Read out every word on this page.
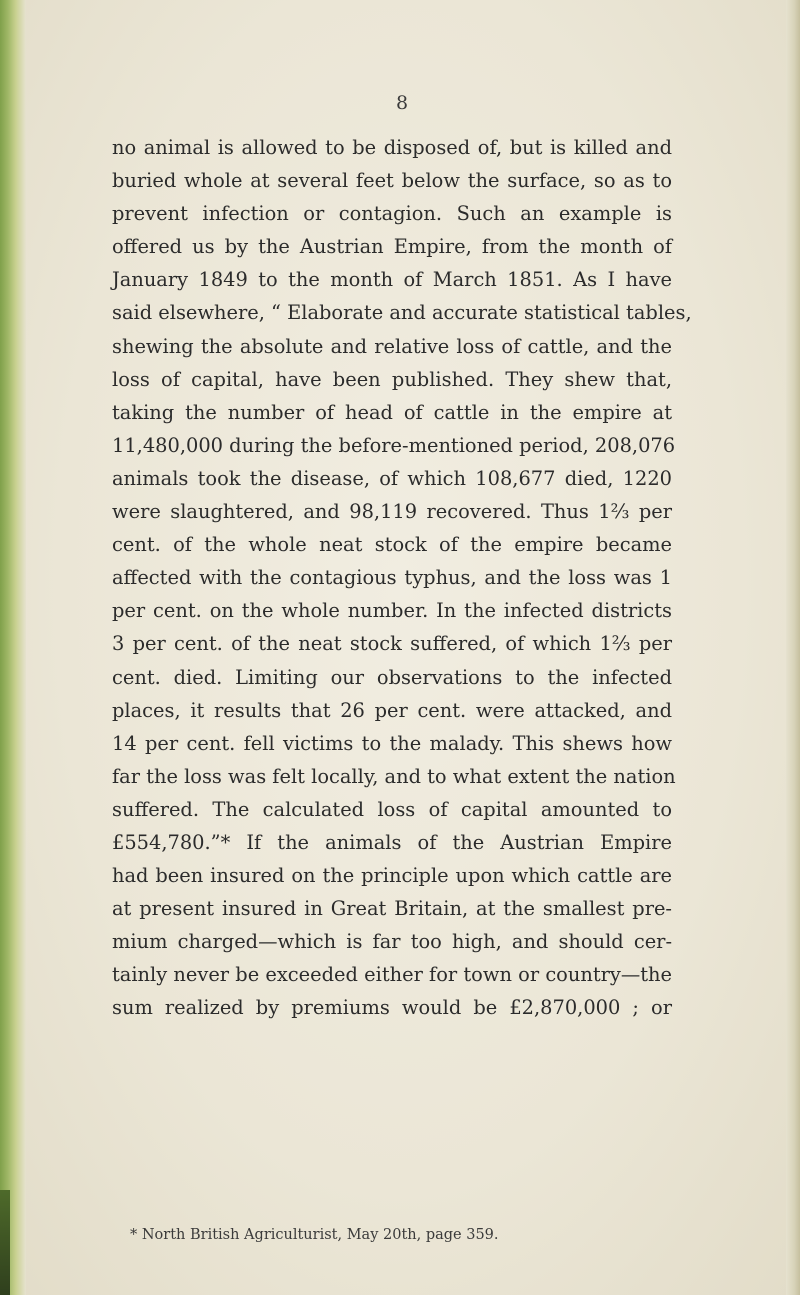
8
no animal is allowed to be disposed of, but is killed and
buried whole at several feet below the surface, so as to
prevent infection or contagion. Such an example is
offered us by the Austrian Empire, from the month of
January 1849 to the month of March 1851. As I have
said elsewhere, “ Elaborate and accurate statistical tables,
shewing the absolute and relative loss of cattle, and the
loss of capital, have been published. They shew that,
taking the number of head of cattle in the empire at
11,480,000 during the before-mentioned period, 208,076
animals took the disease, of which 108,677 died, 1220
were slaughtered, and 98,119 recovered. Thus 1⅔ per
cent. of the whole neat stock of the empire became
affected with the contagious typhus, and the loss was 1
per cent. on the whole number. In the infected districts
3 per cent. of the neat stock suffered, of which 1⅔ per
cent. died. Limiting our observations to the infected
places, it results that 26 per cent. were attacked, and
14 per cent. fell victims to the malady. This shews how
far the loss was felt locally, and to what extent the nation
suffered. The calculated loss of capital amounted to
£554,780.”* If the animals of the Austrian Empire
had been insured on the principle upon which cattle are
at present insured in Great Britain, at the smallest pre-
mium charged—which is far too high, and should cer-
tainly never be exceeded either for town or country—the
sum realized by premiums would be £2,870,000 ; or
* North British Agriculturist, May 20th, page 359.
